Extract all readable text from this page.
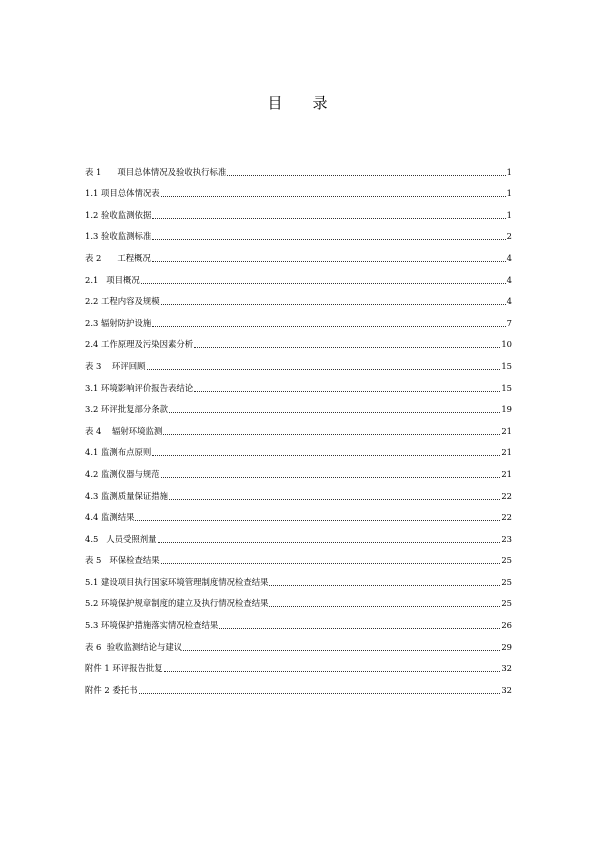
目 录
表 1      项目总体情况及验收执行标准	1
1.1 项目总体情况表	1
1.2 验收监测依据	1
1.3 验收监测标准	2
表 2      工程概况	4
2.1   项目概况	4
2.2 工程内容及规模	4
2.3 辐射防护设施	7
2.4 工作原理及污染因素分析	10
表 3    环评回顾	15
3.1 环境影响评价报告表结论	15
3.2 环评批复部分条款	19
表 4    辐射环境监测	21
4.1 监测布点原则	21
4.2 监测仪器与规范	21
4.3 监测质量保证措施	22
4.4 监测结果	22
4.5   人员受照剂量	23
表 5   环保检查结果	25
5.1 建设项目执行国家环境管理制度情况检查结果	25
5.2 环境保护规章制度的建立及执行情况检查结果	25
5.3 环境保护措施落实情况检查结果	26
表 6  验收监测结论与建议	29
附件 1 环评报告批复	32
附件 2 委托书	32
